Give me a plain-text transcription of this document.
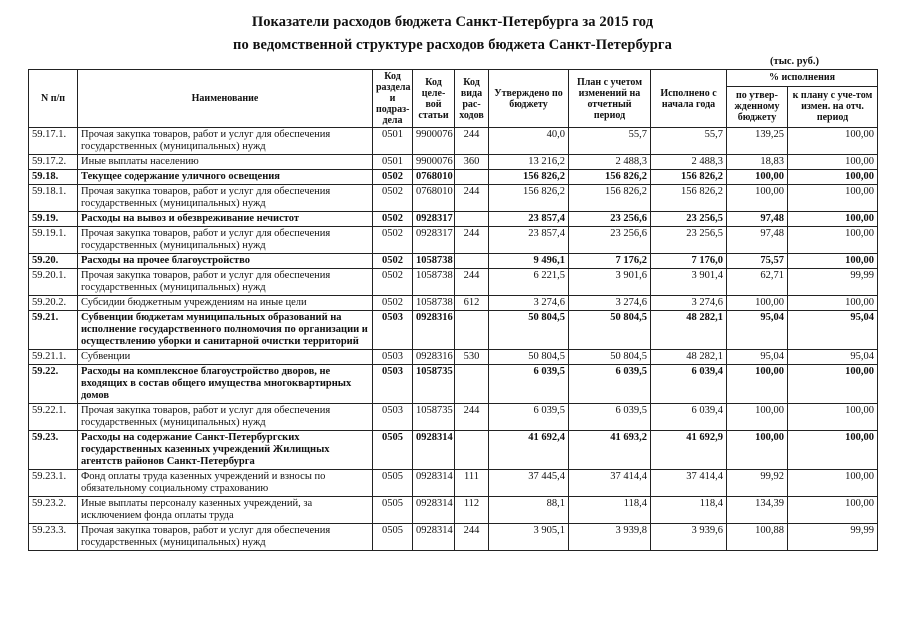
Показатели расходов бюджета Санкт-Петербурга за 2015 год
по ведомственной структуре расходов бюджета Санкт-Петербурга
(тыс. руб.)
N п/п	Наименование	Код раздела и подраз-дела	Код целе-вой статьи	Код вида рас-ходов	Утверждено по бюджету	План с учетом изменений на отчетный период	Исполнено с начала года	% исполнения	
								по утвер-жденному бюджету	к плану с уче-том измен. на отч. период
59.17.1.	Прочая закупка товаров, работ и услуг для обеспечения государственных (муниципальных) нужд	0501	9900076	244	40,0	55,7	55,7	139,25	100,00
59.17.2.	Иные выплаты населению	0501	9900076	360	13 216,2	2 488,3	2 488,3	18,83	100,00
59.18.	Текущее содержание уличного освещения	0502	0768010		156 826,2	156 826,2	156 826,2	100,00	100,00
59.18.1.	Прочая закупка товаров, работ и услуг для обеспечения государственных (муниципальных) нужд	0502	0768010	244	156 826,2	156 826,2	156 826,2	100,00	100,00
59.19.	Расходы на вывоз и обезвреживание нечистот	0502	0928317		23 857,4	23 256,6	23 256,5	97,48	100,00
59.19.1.	Прочая закупка товаров, работ и услуг для обеспечения государственных (муниципальных) нужд	0502	0928317	244	23 857,4	23 256,6	23 256,5	97,48	100,00
59.20.	Расходы на прочее благоустройство	0502	1058738		9 496,1	7 176,2	7 176,0	75,57	100,00
59.20.1.	Прочая закупка товаров, работ и услуг для обеспечения государственных (муниципальных) нужд	0502	1058738	244	6 221,5	3 901,6	3 901,4	62,71	99,99
59.20.2.	Субсидии бюджетным учреждениям на иные цели	0502	1058738	612	3 274,6	3 274,6	3 274,6	100,00	100,00
59.21.	Субвенции бюджетам муниципальных образований на исполнение государственного полномочия по организации и осуществлению уборки и санитарной очистки территорий	0503	0928316		50 804,5	50 804,5	48 282,1	95,04	95,04
59.21.1.	Субвенции	0503	0928316	530	50 804,5	50 804,5	48 282,1	95,04	95,04
59.22.	Расходы на комплексное благоустройство дворов, не входящих в состав общего имущества многоквартирных домов	0503	1058735		6 039,5	6 039,5	6 039,4	100,00	100,00
59.22.1.	Прочая закупка товаров, работ и услуг для обеспечения государственных (муниципальных) нужд	0503	1058735	244	6 039,5	6 039,5	6 039,4	100,00	100,00
59.23.	Расходы на содержание Санкт-Петербургских государственных казенных учреждений Жилищных агентств районов Санкт-Петербурга	0505	0928314		41 692,4	41 693,2	41 692,9	100,00	100,00
59.23.1.	Фонд оплаты труда казенных учреждений и взносы по обязательному социальному страхованию	0505	0928314	111	37 445,4	37 414,4	37 414,4	99,92	100,00
59.23.2.	Иные выплаты персоналу казенных учреждений, за исключением фонда оплаты труда	0505	0928314	112	88,1	118,4	118,4	134,39	100,00
59.23.3.	Прочая закупка товаров, работ и услуг для обеспечения государственных (муниципальных) нужд	0505	0928314	244	3 905,1	3 939,8	3 939,6	100,88	99,99
